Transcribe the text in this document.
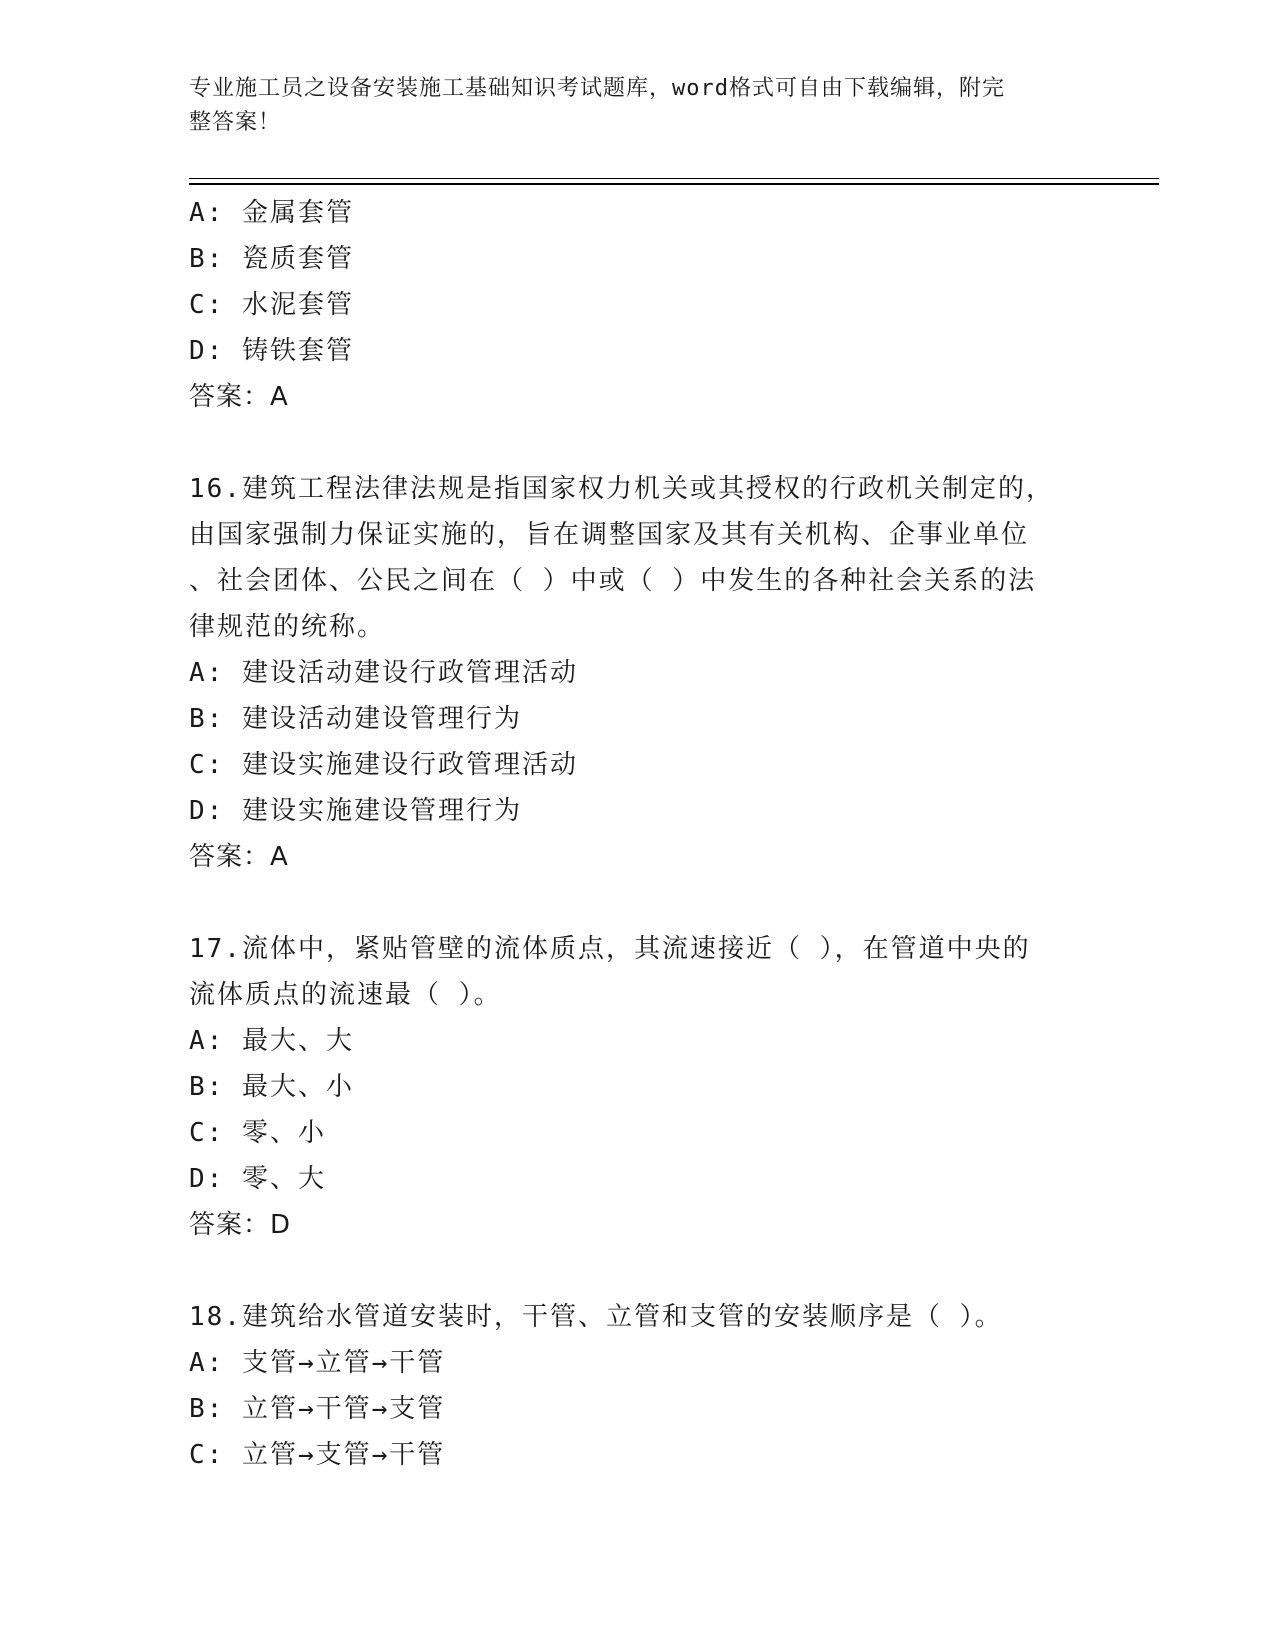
专业施工员之设备安装施工基础知识考试题库，word格式可自由下载编辑，附完
整答案！
A: 金属套管
B: 瓷质套管
C: 水泥套管
D: 铸铁套管
答案：A
16.建筑工程法律法规是指国家权力机关或其授权的行政机关制定的，
由国家强制力保证实施的，旨在调整国家及其有关机构、企事业单位
、社会团体、公民之间在（ ）中或（ ）中发生的各种社会关系的法
律规范的统称。
A: 建设活动建设行政管理活动
B: 建设活动建设管理行为
C: 建设实施建设行政管理活动
D: 建设实施建设管理行为
答案：A
17.流体中，紧贴管壁的流体质点，其流速接近（ ），在管道中央的
流体质点的流速最（ ）。
A: 最大、大
B: 最大、小
C: 零、小
D: 零、大
答案：D
18.建筑给水管道安装时，干管、立管和支管的安装顺序是（ ）。
A: 支管→立管→干管
B: 立管→干管→支管
C: 立管→支管→干管
